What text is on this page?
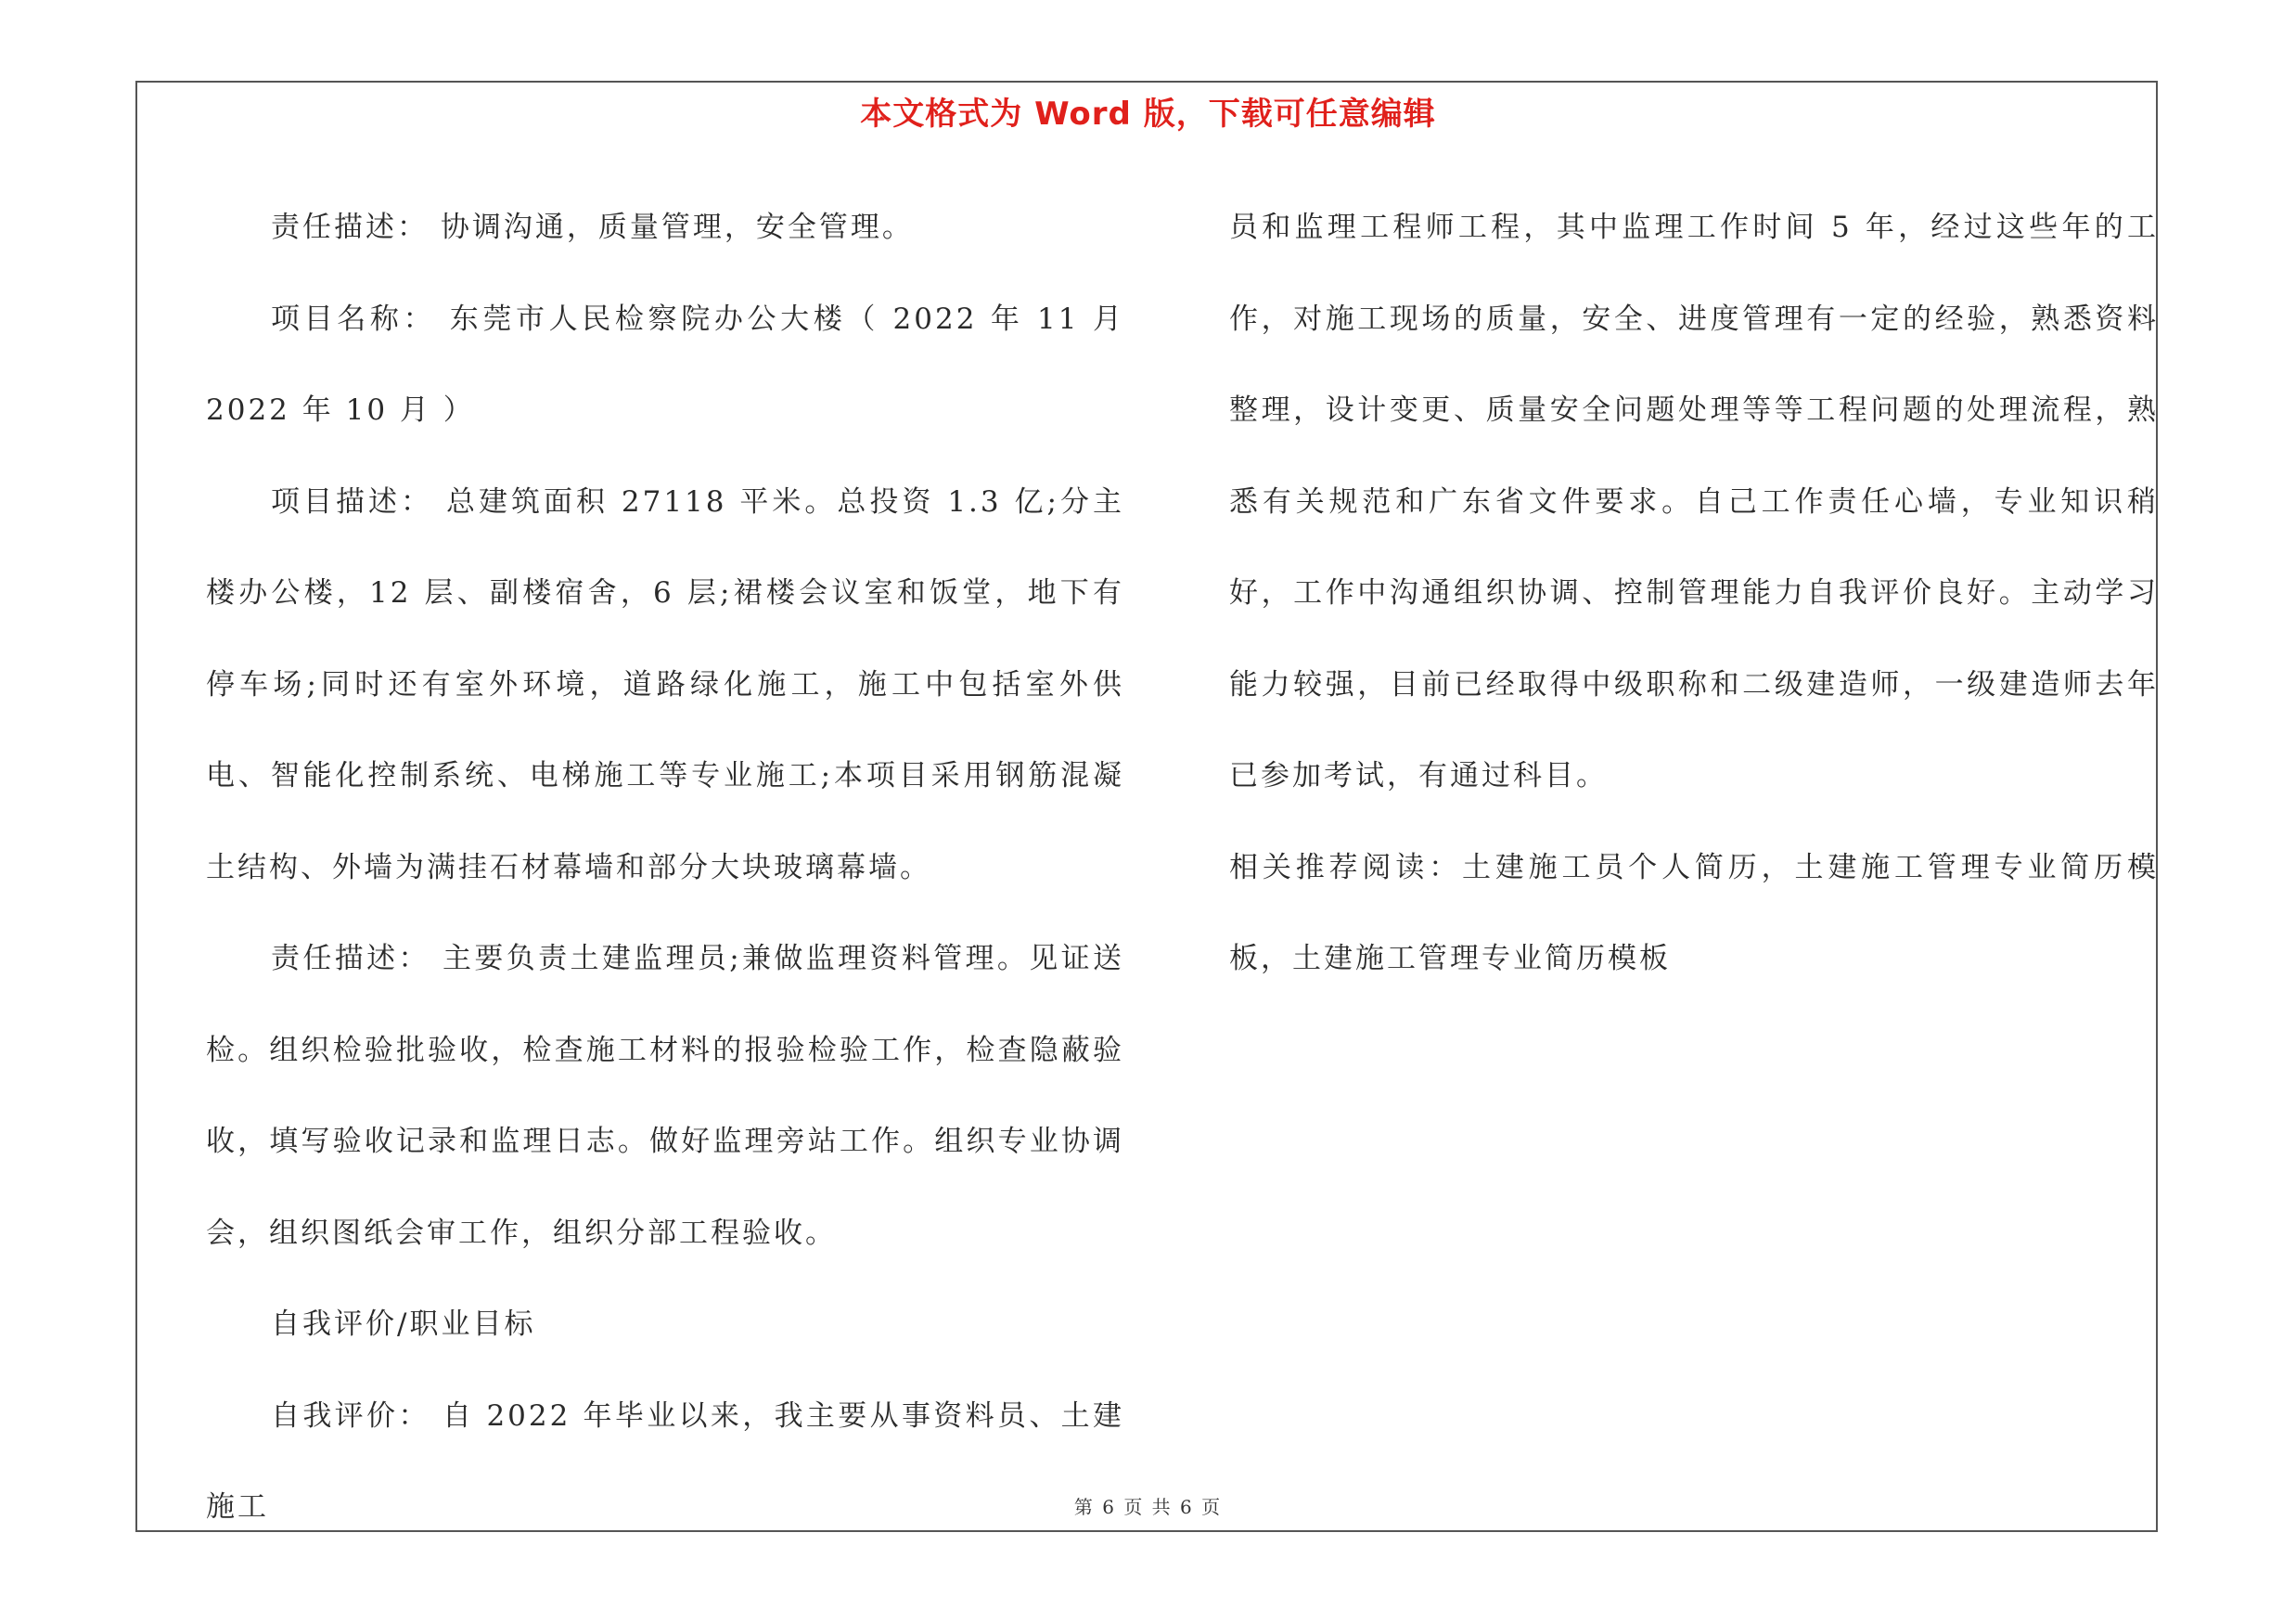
本文格式为 Word 版，下载可任意编辑

责任描述： 协调沟通，质量管理，安全管理。

项目名称： 东莞市人民检察院办公大楼（ 2022 年 11 月　2022 年 10 月 ）

项目描述： 总建筑面积 27118 平米。总投资 1.3 亿;分主楼办公楼，12 层、副楼宿舍，6 层;裙楼会议室和饭堂，地下有停车场;同时还有室外环境，道路绿化施工，施工中包括室外供电、智能化控制系统、电梯施工等专业施工;本项目采用钢筋混凝土结构、外墙为满挂石材幕墙和部分大块玻璃幕墙。

责任描述： 主要负责土建监理员;兼做监理资料管理。见证送检。组织检验批验收，检查施工材料的报验检验工作，检查隐蔽验收，填写验收记录和监理日志。做好监理旁站工作。组织专业协调会，组织图纸会审工作，组织分部工程验收。

自我评价/职业目标

自我评价： 自 2022 年毕业以来，我主要从事资料员、土建施工

员和监理工程师工程，其中监理工作时间 5 年，经过这些年的工作，对施工现场的质量，安全、进度管理有一定的经验，熟悉资料整理，设计变更、质量安全问题处理等等工程问题的处理流程，熟悉有关规范和广东省文件要求。自己工作责任心墙，专业知识稍好，工作中沟通组织协调、控制管理能力自我评价良好。主动学习能力较强，目前已经取得中级职称和二级建造师，一级建造师去年已参加考试，有通过科目。

相关推荐阅读：土建施工员个人简历，土建施工管理专业简历模板，土建施工管理专业简历模板

第 6 页 共 6 页
